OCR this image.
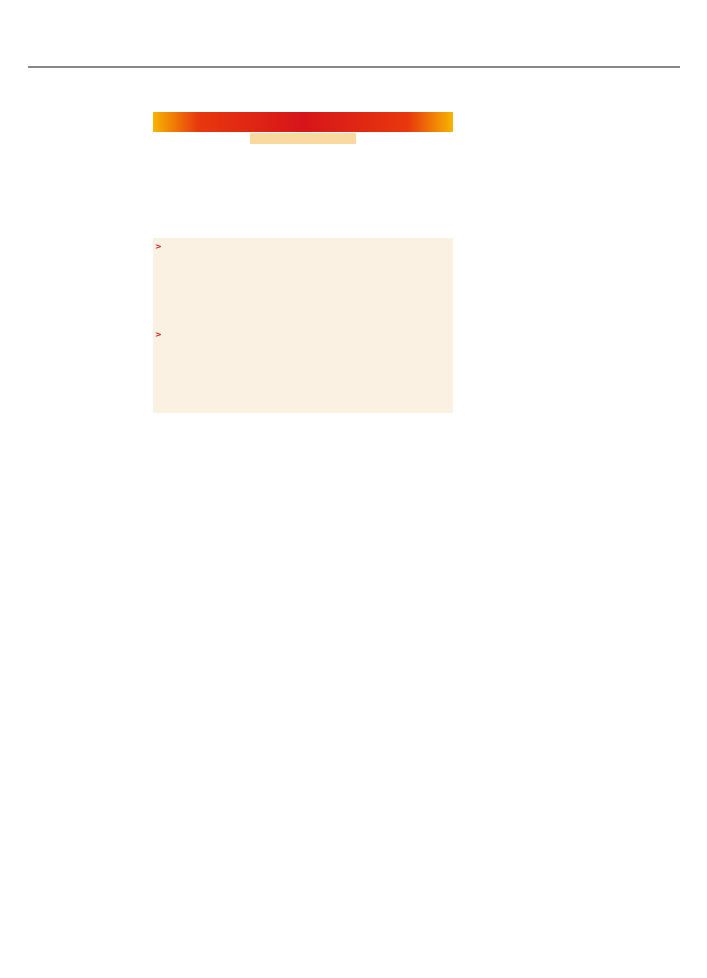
>

>
